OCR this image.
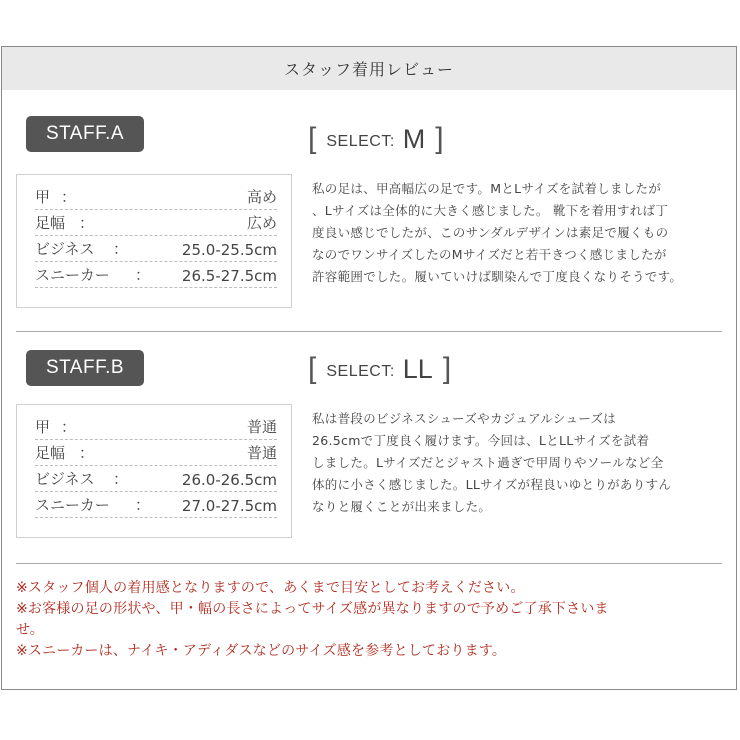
スタッフ着用レビュー
STAFF.A
甲 ：	高め
足幅 ：	広め
ビジネス ：	25.0-25.5cm
スニーカー ： 26.5-27.5cm
[ SELECT: M ]
私の足は、甲高幅広の足です。MとLサイズを試着しましたが
、Lサイズは全体的に大きく感じました。 靴下を着用すれば丁
度良い感じでしたが、このサンダルデザインは素足で履くもの
なのでワンサイズしたのMサイズだと若干きつく感じましたが
許容範囲でした。履いていけば馴染んで丁度良くなりそうです。
STAFF.B
甲 ：	普通
足幅 ：	普通
ビジネス ：	26.0-26.5cm
スニーカー ： 27.0-27.5cm
[ SELECT: LL ]
私は普段のビジネスシューズやカジュアルシューズは
26.5cmで丁度良く履けます。今回は、LとLLサイズを試着
しました。Lサイズだとジャスト過ぎで甲周りやソールなど全
体的に小さく感じました。LLサイズが程良いゆとりがありすん
なりと履くことが出来ました。
※スタッフ個人の着用感となりますので、あくまで目安としてお考えください。
※お客様の足の形状や、甲・幅の長さによってサイズ感が異なりますので予めご了承下さいま
せ。
※スニーカーは、ナイキ・アディダスなどのサイズ感を参考としております。
